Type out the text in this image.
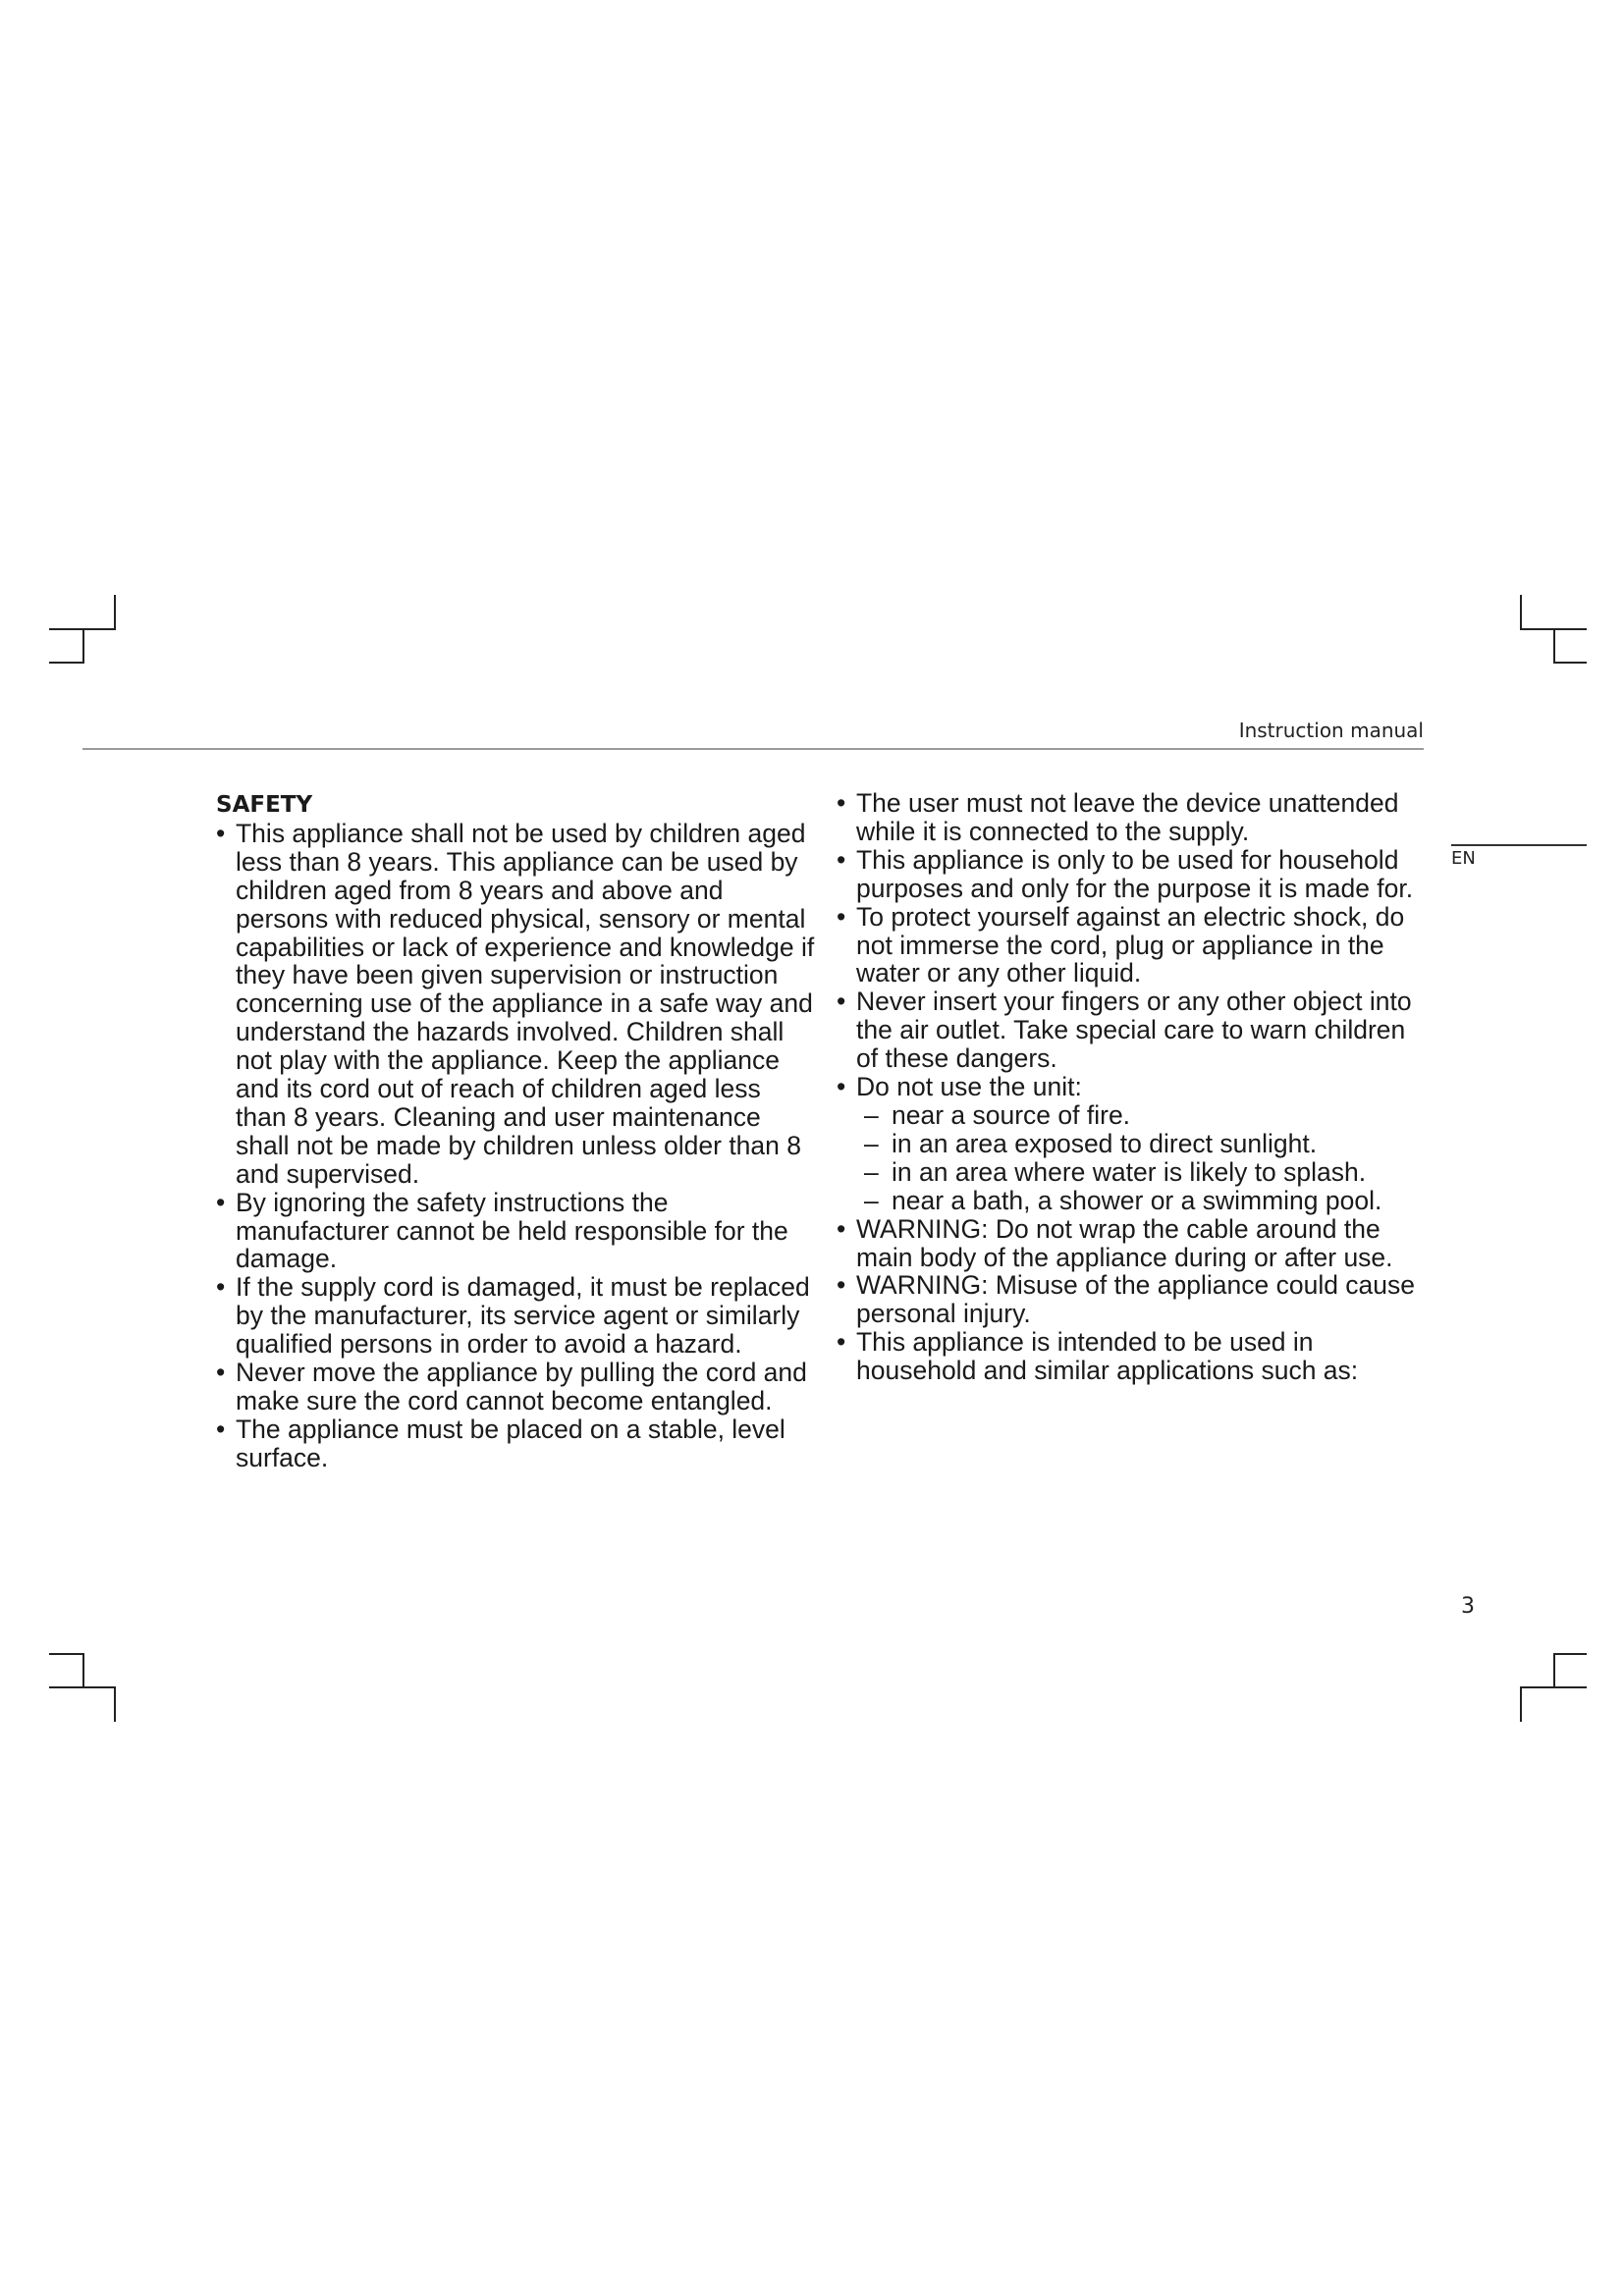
Instruction manual
EN
SAFETY
• This appliance shall not be used by children aged less than 8 years. This appliance can be used by children aged from 8 years and above and persons with reduced physical, sensory or mental capabilities or lack of experience and knowledge if they have been given supervision or instruction concerning use of the appliance in a safe way and understand the hazards involved. Children shall not play with the appliance. Keep the appliance and its cord out of reach of children aged less than 8 years. Cleaning and user maintenance shall not be made by children unless older than 8 and supervised.
• By ignoring the safety instructions the manufacturer cannot be held responsible for the damage.
• If the supply cord is damaged, it must be replaced by the manufacturer, its service agent or similarly qualified persons in order to avoid a hazard.
• Never move the appliance by pulling the cord and make sure the cord cannot become entangled.
• The appliance must be placed on a stable, level surface.
• The user must not leave the device unattended while it is connected to the supply.
• This appliance is only to be used for household purposes and only for the purpose it is made for.
• To protect yourself against an electric shock, do not immerse the cord, plug or appliance in the water or any other liquid.
• Never insert your fingers or any other object into the air outlet. Take special care to warn children of these dangers.
• Do not use the unit:
– near a source of fire.
– in an area exposed to direct sunlight.
– in an area where water is likely to splash.
– near a bath, a shower or a swimming pool.
• WARNING: Do not wrap the cable around the main body of the appliance during or after use.
• WARNING: Misuse of the appliance could cause personal injury.
• This appliance is intended to be used in household and similar applications such as:
3
